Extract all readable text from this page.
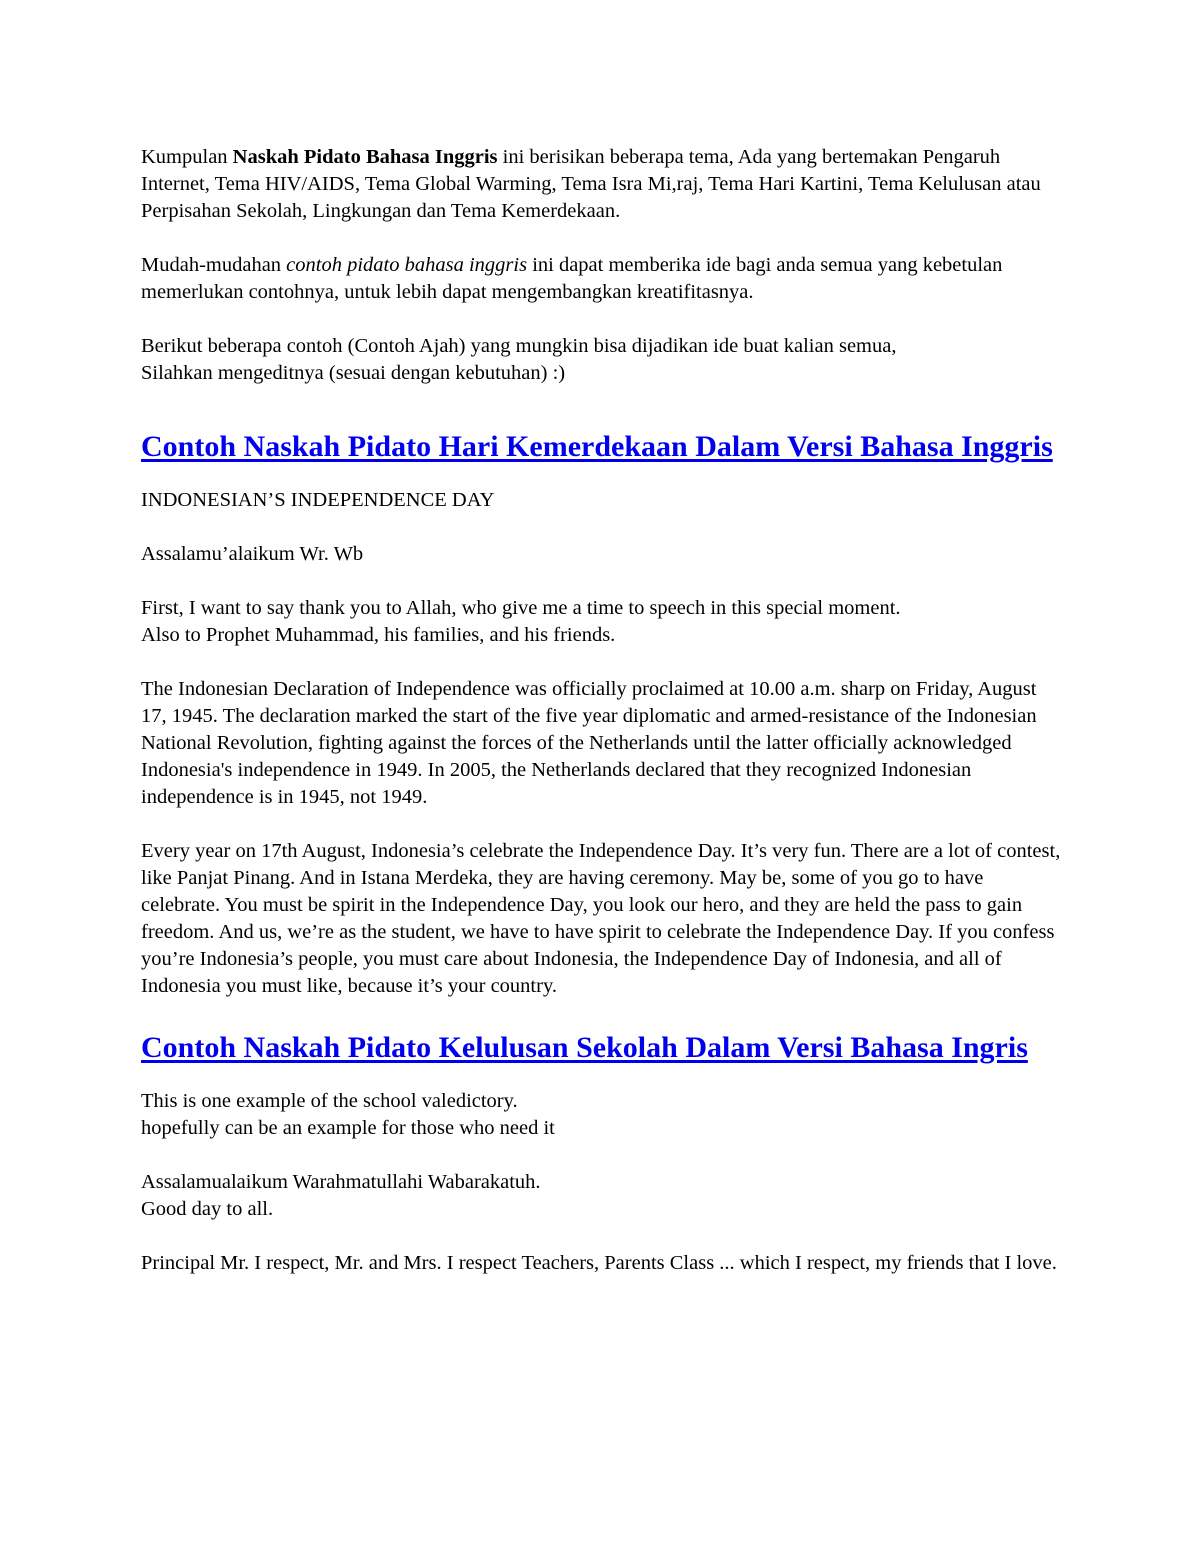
Kumpulan Naskah Pidato Bahasa Inggris ini berisikan beberapa tema, Ada yang bertemakan Pengaruh Internet, Tema HIV/AIDS, Tema Global Warming, Tema Isra Mi,raj, Tema Hari Kartini, Tema Kelulusan atau Perpisahan Sekolah, Lingkungan dan Tema Kemerdekaan.

Mudah-mudahan contoh pidato bahasa inggris ini dapat memberika ide bagi anda semua yang kebetulan memerlukan contohnya, untuk lebih dapat mengembangkan kreatifitasnya.

Berikut beberapa contoh (Contoh Ajah) yang mungkin bisa dijadikan ide buat kalian semua,
Silahkan mengeditnya (sesuai dengan kebutuhan) :)

Contoh Naskah Pidato Hari Kemerdekaan Dalam Versi Bahasa Inggris

INDONESIAN’S INDEPENDENCE DAY

Assalamu’alaikum Wr. Wb

First, I want to say thank you to Allah, who give me a time to speech in this special moment.
Also to Prophet Muhammad, his families, and his friends.

The Indonesian Declaration of Independence was officially proclaimed at 10.00 a.m. sharp on Friday, August 17, 1945. The declaration marked the start of the five year diplomatic and armed-resistance of the Indonesian National Revolution, fighting against the forces of the Netherlands until the latter officially acknowledged Indonesia's independence in 1949. In 2005, the Netherlands declared that they recognized Indonesian independence is in 1945, not 1949.

Every year on 17th August, Indonesia’s celebrate the Independence Day. It’s very fun. There are a lot of contest, like Panjat Pinang. And in Istana Merdeka, they are having ceremony. May be, some of you go to have celebrate. You must be spirit in the Independence Day, you look our hero, and they are held the pass to gain freedom. And us, we’re as the student, we have to have spirit to celebrate the Independence Day. If you confess you’re Indonesia’s people, you must care about Indonesia, the Independence Day of Indonesia, and all of Indonesia you must like, because it’s your country.

Contoh Naskah Pidato Kelulusan Sekolah Dalam Versi Bahasa Ingris

This is one example of the school valedictory.
hopefully can be an example for those who need it

Assalamualaikum Warahmatullahi Wabarakatuh.
Good day to all.

Principal Mr. I respect, Mr. and Mrs. I respect Teachers, Parents Class ... which I respect, my friends that I love.
